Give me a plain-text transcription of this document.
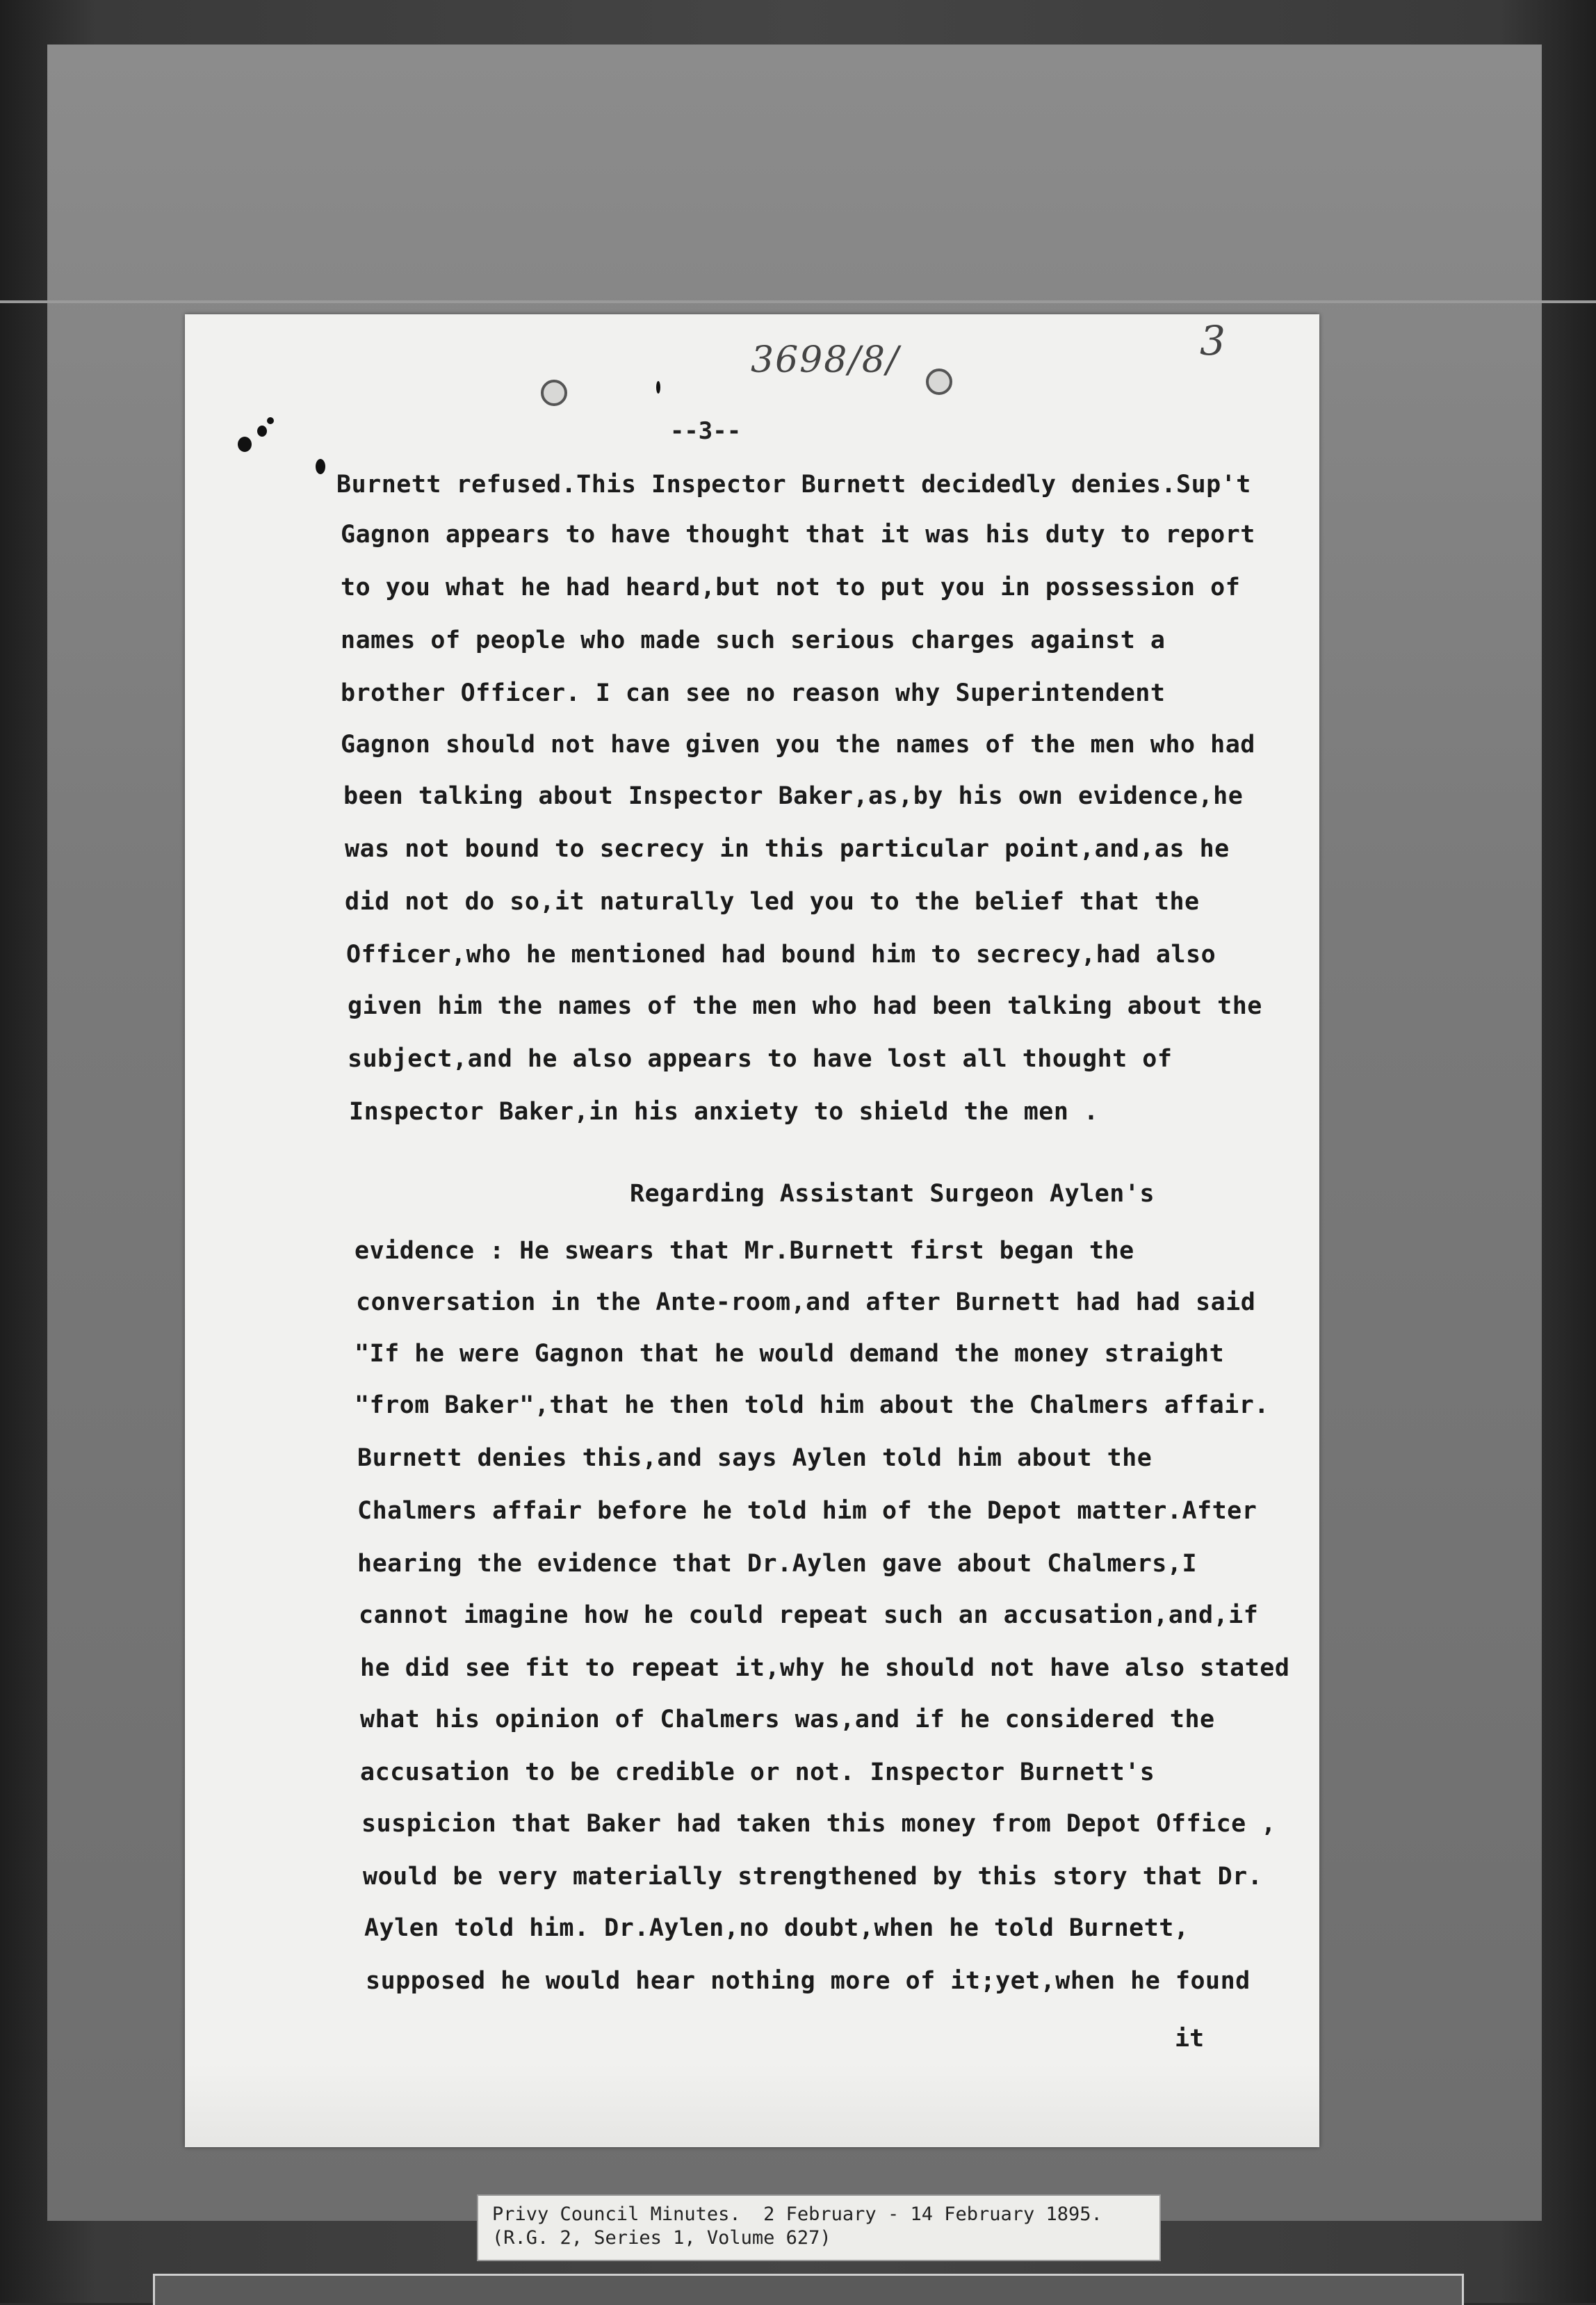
3698/8/	3
--3--
Burnett refused.This Inspector Burnett decidedly denies.Sup't
Gagnon appears to have thought that it was his duty to report
to you what he had heard,but not to put you in possession of
names of people who made such serious charges against a
brother Officer. I can see no reason why Superintendent
Gagnon should not have given you the names of the men who had
been talking about Inspector Baker,as,by his own evidence,he
was not bound to secrecy in this particular point,and,as he
did not do so,it naturally led you to the belief that the
Officer,who he mentioned had bound him to secrecy,had also
given him the names of the men who had been talking about the
subject,and he also appears to have lost all thought of
Inspector Baker,in his anxiety to shield the men .
Regarding Assistant Surgeon Aylen's
evidence : He swears that Mr.Burnett first began the
conversation in the Ante-room,and after Burnett had had said
"If he were Gagnon that he would demand the money straight
"from Baker",that he then told him about the Chalmers affair.
Burnett denies this,and says Aylen told him about the
Chalmers affair before he told him of the Depot matter.After
hearing the evidence that Dr.Aylen gave about Chalmers,I
cannot imagine how he could repeat such an accusation,and,if
he did see fit to repeat it,why he should not have also stated
what his opinion of Chalmers was,and if he considered the
accusation to be credible or not. Inspector Burnett's
suspicion that Baker had taken this money from Depot Office ,
would be very materially strengthened by this story that Dr.
Aylen told him. Dr.Aylen,no doubt,when he told Burnett,
supposed he would hear nothing more of it;yet,when he found
it
Privy Council Minutes.  2 February - 14 February 1895.
(R.G. 2, Series 1, Volume 627)
